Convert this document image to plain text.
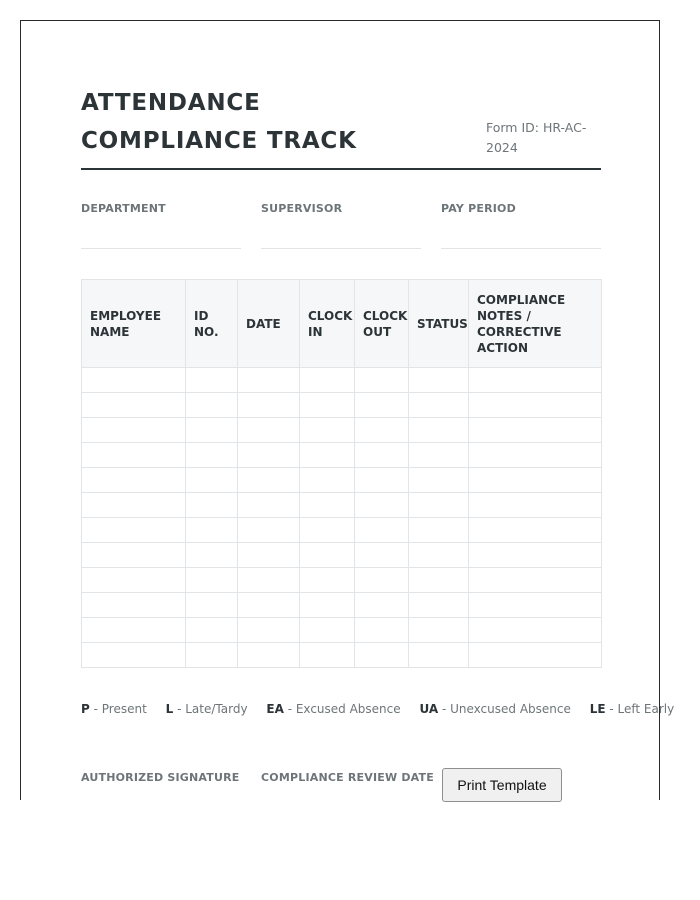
ATTENDANCE COMPLIANCE TRACK
Form ID: HR-AC-2024
DEPARTMENT	SUPERVISOR	PAY PERIOD
EMPLOYEE NAME	ID NO.	DATE	CLOCK IN	CLOCK OUT	STATUS	COMPLIANCE NOTES / CORRECTIVE ACTION

P - Present L - Late/Tardy EA - Excused Absence UA - Unexcused Absence LE - Left Early
AUTHORIZED SIGNATURE COMPLIANCE REVIEW DATE	Print Template
